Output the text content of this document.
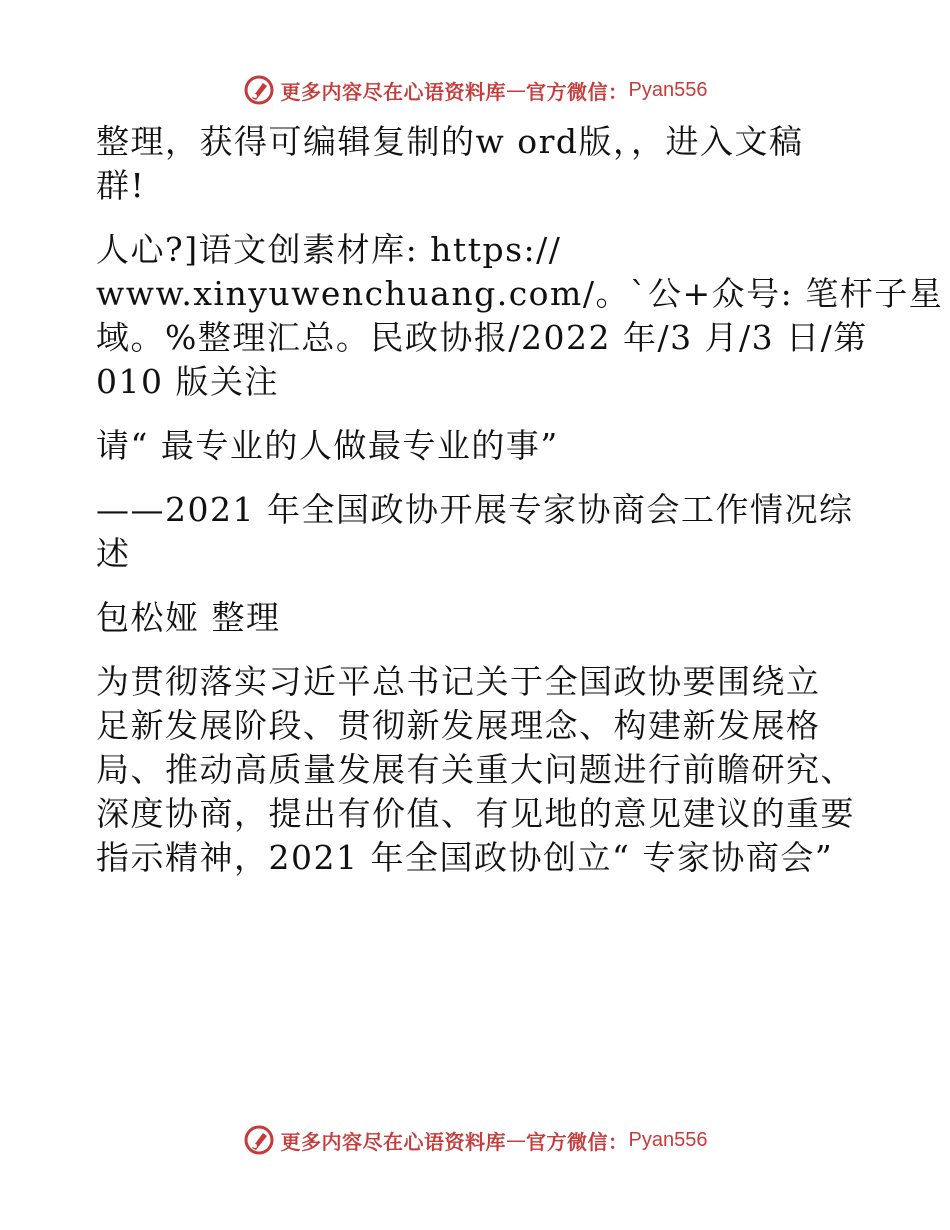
更多内容尽在心语资料库 — 官方微信： Pyan556

整理，获得可编辑复制的w ord版，，进入文稿
群!

人心?]语文创素材库: https://
www.xinyuwenchuang.com/。`公+众号: 笔杆子星
域。%整理汇总。民政协报/2022 年/3 月/3 日/第
010 版关注

请“ 最专业的人做最专业的事”

——2021 年全国政协开展专家协商会工作情况综
述

包松娅 整理

为贯彻落实习近平总书记关于全国政协要围绕立
足新发展阶段、贯彻新发展理念、构建新发展格
局、推动高质量发展有关重大问题进行前瞻研究、
深度协商，提出有价值、有见地的意见建议的重要
指示精神，2021 年全国政协创立“ 专家协商会”

更多内容尽在心语资料库 — 官方微信： Pyan556
